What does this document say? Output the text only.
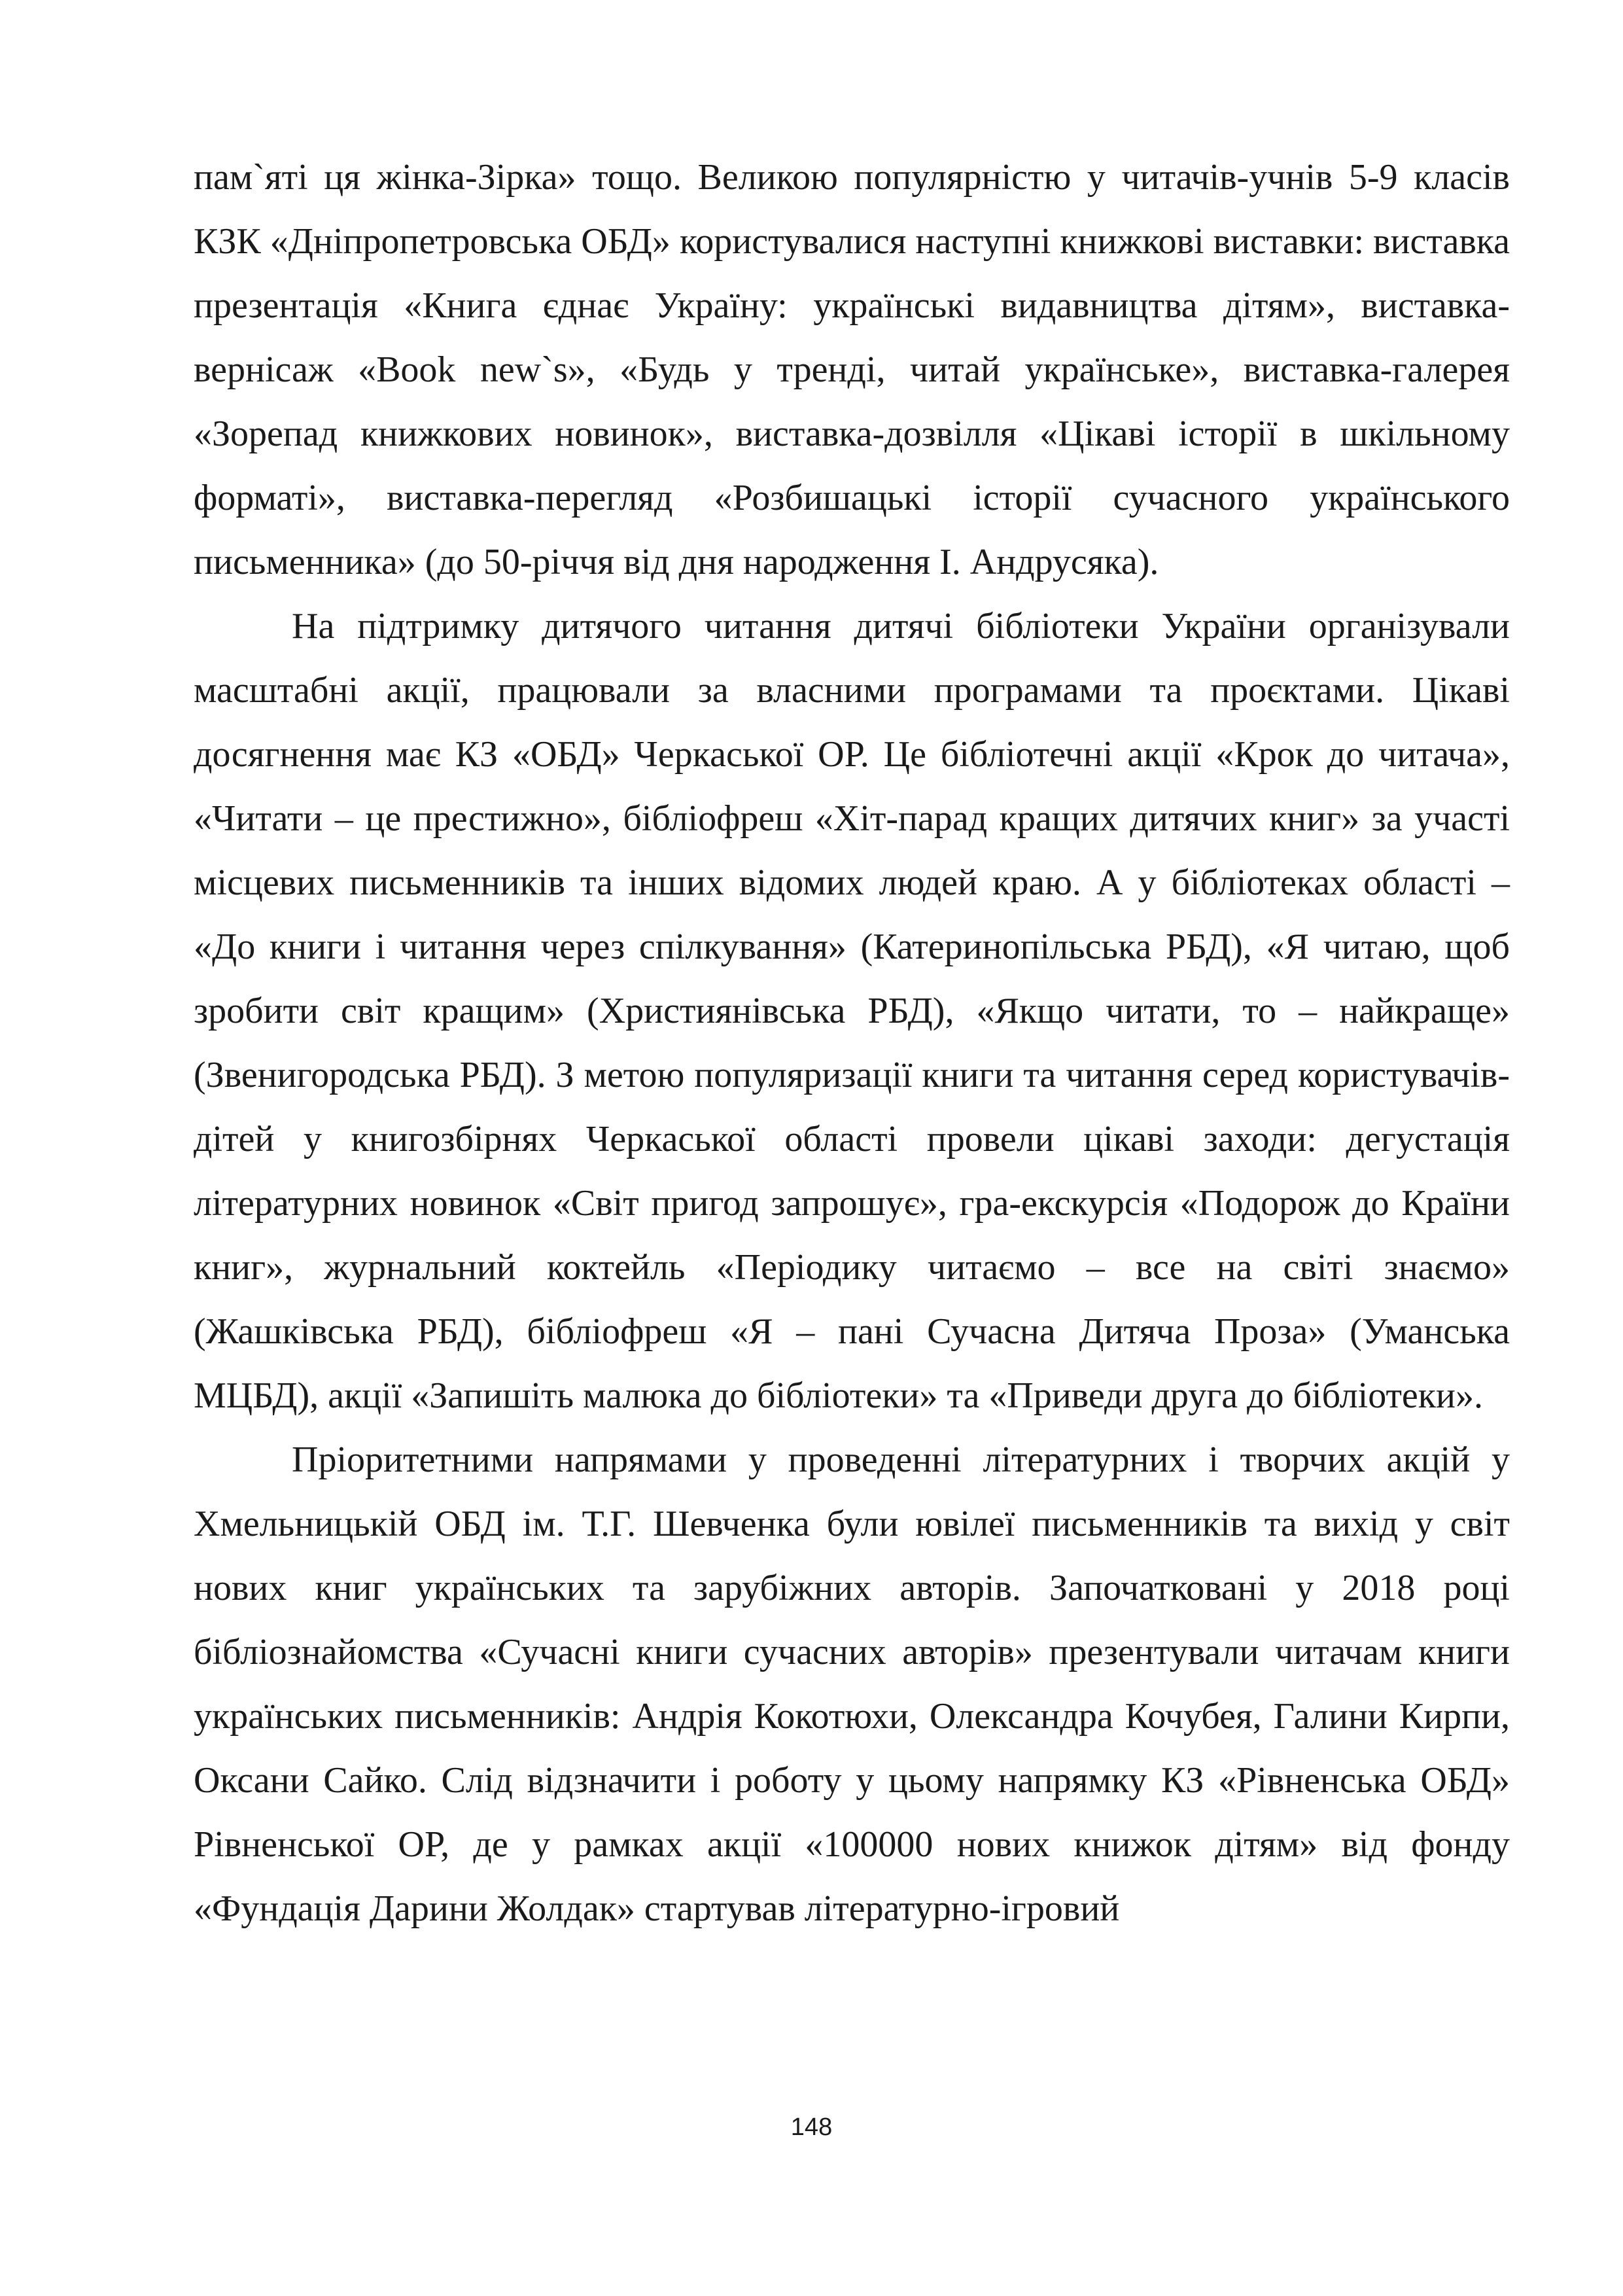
пам`яті ця жінка-Зірка» тощо. Великою популярністю у читачів-учнів 5-9 класів КЗК «Дніпропетровська ОБД» користувалися наступні книжкові виставки: виставка презентація «Книга єднає Україну: українські видавництва дітям», виставка-вернісаж «Book new`s», «Будь у тренді, читай українське», виставка-галерея «Зорепад книжкових новинок», виставка-дозвілля «Цікаві історії в шкільному форматі», виставка-перегляд «Розбишацькі історії сучасного українського письменника» (до 50-річчя від дня народження І. Андрусяка).

На підтримку дитячого читання дитячі бібліотеки України організували масштабні акції, працювали за власними програмами та проєктами. Цікаві досягнення має КЗ «ОБД» Черкаської ОР. Це бібліотечні акції «Крок до читача», «Читати – це престижно», бібліофреш «Хіт-парад кращих дитячих книг» за участі місцевих письменників та інших відомих людей краю. А у бібліотеках області – «До книги і читання через спілкування» (Катеринопільська РБД), «Я читаю, щоб зробити світ кращим» (Християнівська РБД), «Якщо читати, то – найкраще» (Звенигородська РБД). З метою популяризації книги та читання серед користувачів-дітей у книгозбірнях Черкаської області провели цікаві заходи: дегустація літературних новинок «Світ пригод запрошує», гра-екскурсія «Подорож до Країни книг», журнальний коктейль «Періодику читаємо – все на світі знаємо» (Жашківська РБД), бібліофреш «Я – пані Сучасна Дитяча Проза» (Уманська МЦБД), акції «Запишіть малюка до бібліотеки» та «Приведи друга до бібліотеки».

Пріоритетними напрямами у проведенні літературних і творчих акцій у Хмельницькій ОБД ім. Т.Г. Шевченка були ювілеї письменників та вихід у світ нових книг українських та зарубіжних авторів. Започатковані у 2018 році бібліознайомства «Сучасні книги сучасних авторів» презентували читачам книги українських письменників: Андрія Кокотюхи, Олександра Кочубея, Галини Кирпи, Оксани Сайко. Слід відзначити і роботу у цьому напрямку КЗ «Рівненська ОБД» Рівненської ОР, де у рамках акції «100000 нових книжок дітям» від фонду «Фундація Дарини Жолдак» стартував літературно-ігровий

148
